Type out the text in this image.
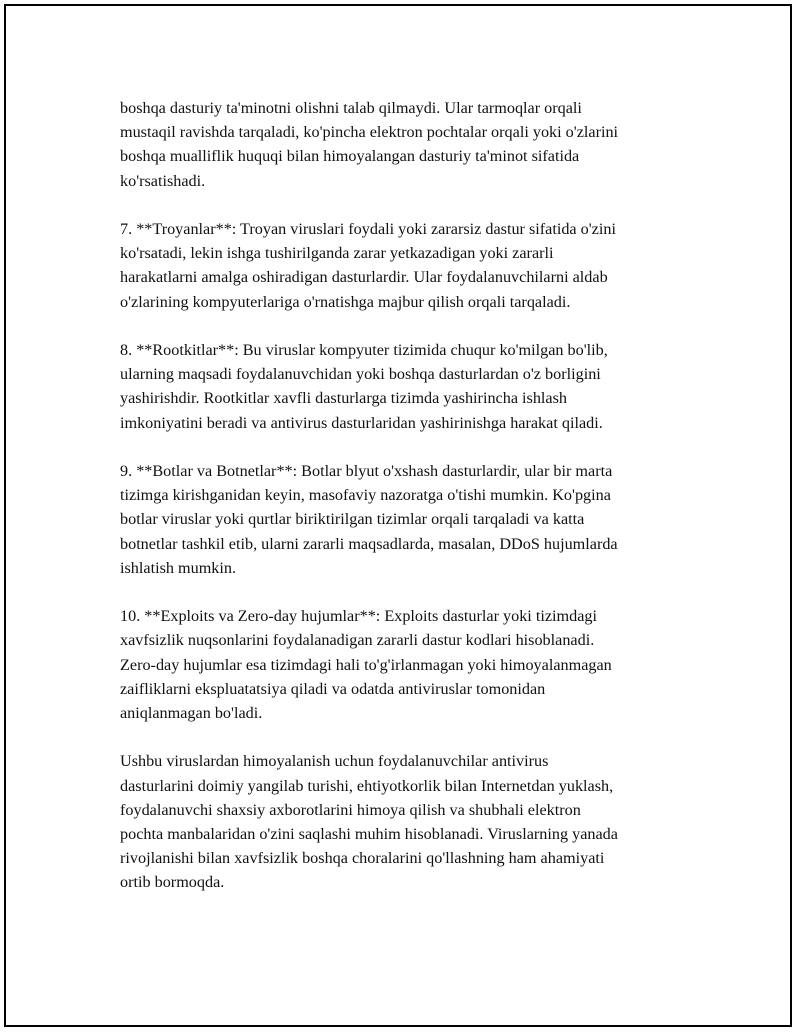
boshqa dasturiy ta'minotni olishni talab qilmaydi. Ular tarmoqlar orqali
mustaqil ravishda tarqaladi, ko'pincha elektron pochtalar orqali yoki o'zlarini
boshqa mualliflik huquqi bilan himoyalangan dasturiy ta'minot sifatida
ko'rsatishadi.

7. **Troyanlar**: Troyan viruslari foydali yoki zararsiz dastur sifatida o'zini
ko'rsatadi, lekin ishga tushirilganda zarar yetkazadigan yoki zararli
harakatlarni amalga oshiradigan dasturlardir. Ular foydalanuvchilarni aldab
o'zlarining kompyuterlariga o'rnatishga majbur qilish orqali tarqaladi.

8. **Rootkitlar**: Bu viruslar kompyuter tizimida chuqur ko'milgan bo'lib,
ularning maqsadi foydalanuvchidan yoki boshqa dasturlardan o'z borligini
yashirishdir. Rootkitlar xavfli dasturlarga tizimda yashirincha ishlash
imkoniyatini beradi va antivirus dasturlaridan yashirinishga harakat qiladi.

9. **Botlar va Botnetlar**: Botlar blyut o'xshash dasturlardir, ular bir marta
tizimga kirishganidan keyin, masofaviy nazoratga o'tishi mumkin. Ko'pgina
botlar viruslar yoki qurtlar biriktirilgan tizimlar orqali tarqaladi va katta
botnetlar tashkil etib, ularni zararli maqsadlarda, masalan, DDoS hujumlarda
ishlatish mumkin.

10. **Exploits va Zero-day hujumlar**: Exploits dasturlar yoki tizimdagi
xavfsizlik nuqsonlarini foydalanadigan zararli dastur kodlari hisoblanadi.
Zero-day hujumlar esa tizimdagi hali to'g'irlanmagan yoki himoyalanmagan
zaifliklarni ekspluatatsiya qiladi va odatda antiviruslar tomonidan
aniqlanmagan bo'ladi.

Ushbu viruslardan himoyalanish uchun foydalanuvchilar antivirus
dasturlarini doimiy yangilab turishi, ehtiyotkorlik bilan Internetdan yuklash,
foydalanuvchi shaxsiy axborotlarini himoya qilish va shubhali elektron
pochta manbalaridan o'zini saqlashi muhim hisoblanadi. Viruslarning yanada
rivojlanishi bilan xavfsizlik boshqa choralarini qo'llashning ham ahamiyati
ortib bormoqda.
